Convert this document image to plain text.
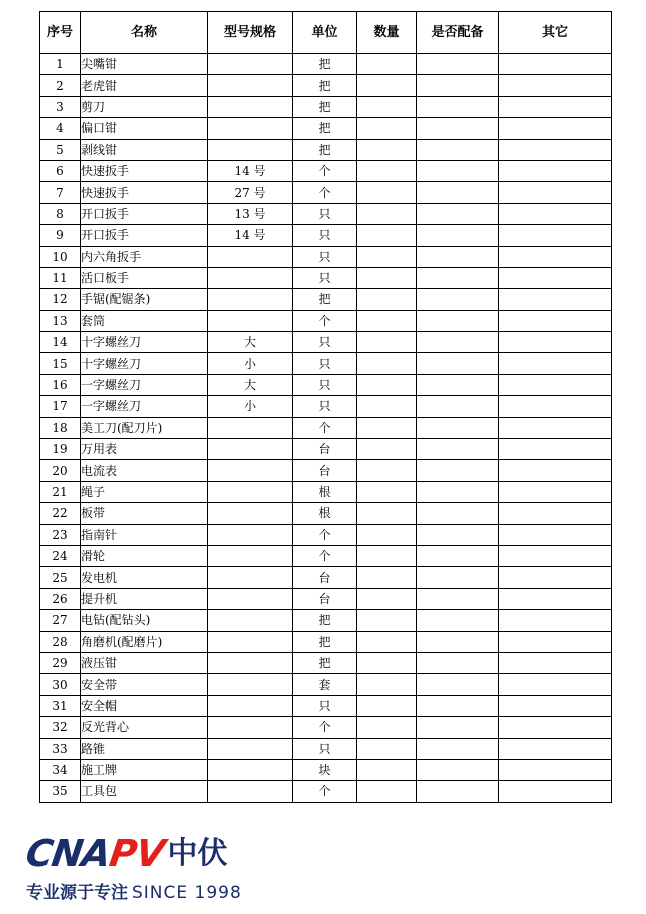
序号	名称	型号规格	单位	数量	是否配备	其它
1	尖嘴钳		把			
2	老虎钳		把			
3	剪刀		把			
4	偏口钳		把			
5	剥线钳		把			
6	快速扳手	14 号	个			
7	快速扳手	27 号	个			
8	开口扳手	13 号	只			
9	开口扳手	14 号	只			
10	内六角扳手		只			
11	活口板手		只			
12	手锯(配锯条)		把			
13	套筒		个			
14	十字螺丝刀	大	只			
15	十字螺丝刀	小	只			
16	一字螺丝刀	大	只			
17	一字螺丝刀	小	只			
18	美工刀(配刀片)		个			
19	万用表		台			
20	电流表		台			
21	绳子		根			
22	板带		根			
23	指南针		个			
24	滑轮		个			
25	发电机		台			
26	提升机		台			
27	电钻(配钻头)		把			
28	角磨机(配磨片)		把			
29	液压钳		把			
30	安全带		套			
31	安全帽		只			
32	反光背心		个			
33	路锥		只			
34	施工牌		块			
35	工具包		个			
CNAPV中伏
专业源于专注 SINCE 1998
